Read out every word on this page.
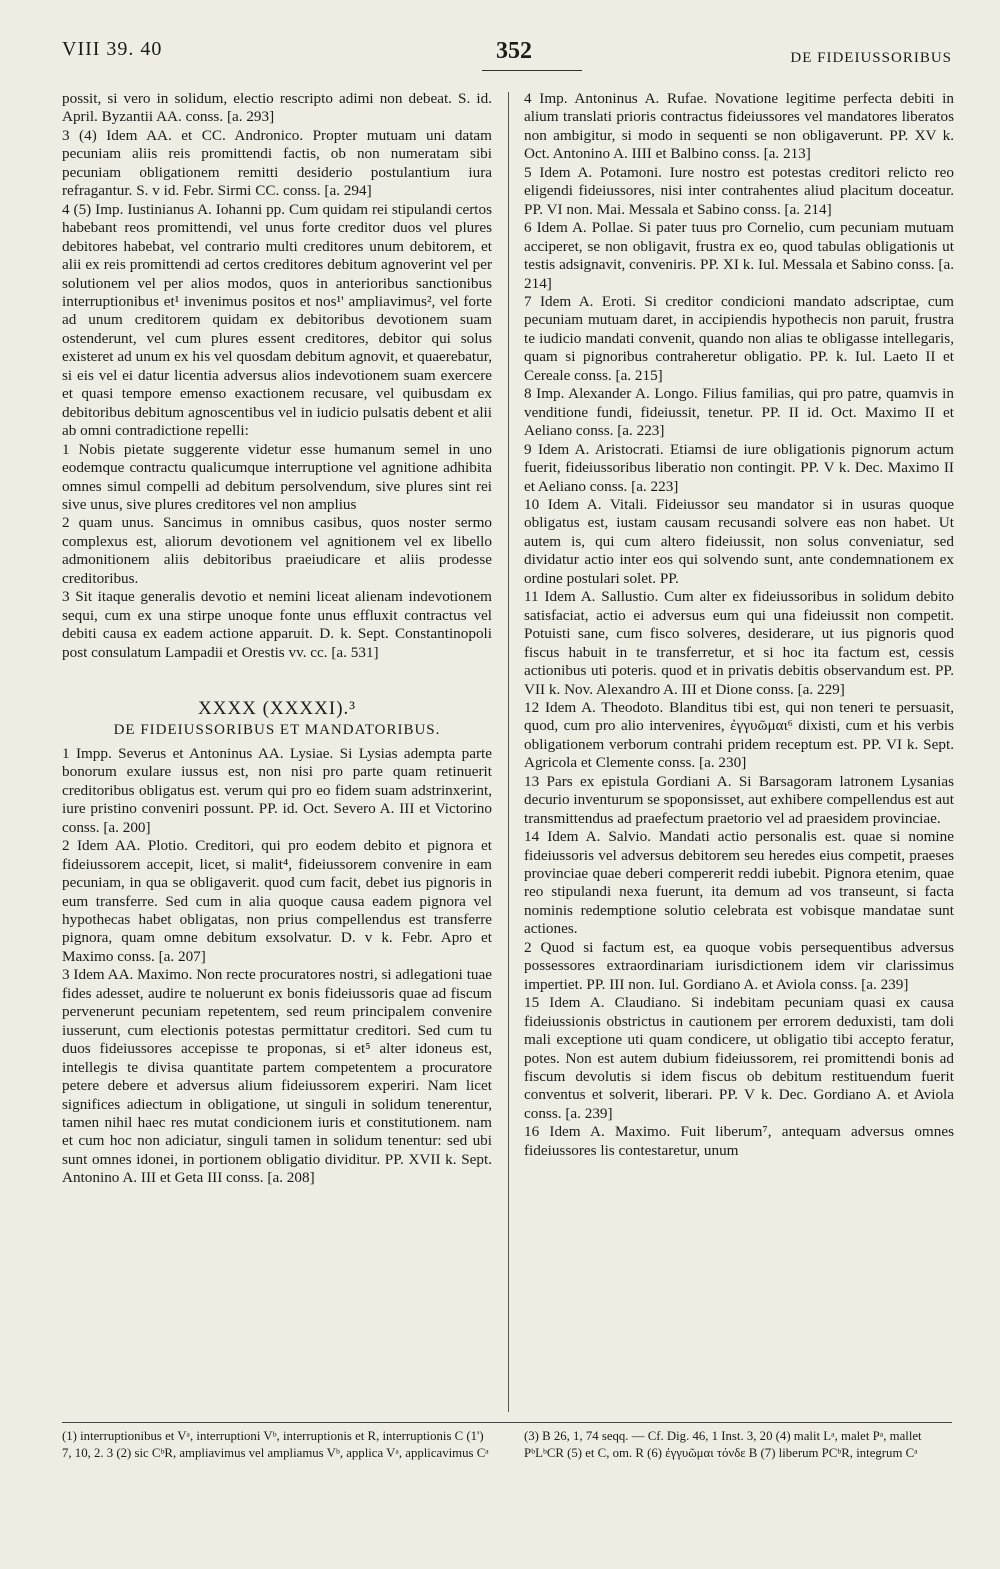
VIII 39. 40	352	DE FIDEIUSSORIBUS

possit, si vero in solidum, electio rescripto adimi non debeat. S. id. April. Byzantii AA. conss. [a. 293]

3 (4) Idem AA. et CC. Andronico. Propter mutuam uni datam pecuniam aliis reis promittendi factis, ob non numeratam sibi pecuniam obligationem remitti desiderio postulantium iura refragantur. S. v id. Febr. Sirmi CC. conss. [a. 294]

4 (5) Imp. Iustinianus A. Iohanni pp. Cum quidam rei stipulandi certos habebant reos promittendi, vel unus forte creditor duos vel plures debitores habebat, vel contrario multi creditores unum debitorem, et alii ex reis promittendi ad certos creditores debitum agnoverint vel per solutionem vel per alios modos, quos in anterioribus sanctionibus interruptionibus et¹ invenimus positos et nos¹' ampliavimus², vel forte ad unum creditorem quidam ex debitoribus devotionem suam ostenderunt, vel cum plures essent creditores, debitor qui solus existeret ad unum ex his vel quosdam debitum agnovit, et quaerebatur, si eis vel ei datur licentia adversus alios indevotionem suam exercere et quasi tempore emenso exactionem recusare, vel quibusdam ex debitoribus debitum agnoscentibus vel in iudicio pulsatis debent et alii ab omni contradictione repelli:

1 Nobis pietate suggerente videtur esse humanum semel in uno eodemque contractu qualicumque interruptione vel agnitione adhibita omnes simul compelli ad debitum persolvendum, sive plures sint rei sive unus, sive plures creditores vel non amplius

2 quam unus. Sancimus in omnibus casibus, quos noster sermo complexus est, aliorum devotionem vel agnitionem vel ex libello admonitionem aliis debitoribus praeiudicare et aliis prodesse creditoribus.

3 Sit itaque generalis devotio et nemini liceat alienam indevotionem sequi, cum ex una stirpe unoque fonte unus effluxit contractus vel debiti causa ex eadem actione apparuit. D. k. Sept. Constantinopoli post consulatum Lampadii et Orestis vv. cc. [a. 531]

XXXX (XXXXI).³
DE FIDEIUSSORIBUS ET MANDATORIBUS.

1 Impp. Severus et Antoninus AA. Lysiae. Si Lysias adempta parte bonorum exulare iussus est, non nisi pro parte quam retinuerit creditoribus obligatus est. verum qui pro eo fidem suam adstrinxerint, iure pristino conveniri possunt. PP. id. Oct. Severo A. III et Victorino conss. [a. 200]

2 Idem AA. Plotio. Creditori, qui pro eodem debito et pignora et fideiussorem accepit, licet, si malit⁴, fideiussorem convenire in eam pecuniam, in qua se obligaverit. quod cum facit, debet ius pignoris in eum transferre. Sed cum in alia quoque causa eadem pignora vel hypothecas habet obligatas, non prius compellendus est transferre pignora, quam omne debitum exsolvatur. D. v k. Febr. Apro et Maximo conss. [a. 207]

3 Idem AA. Maximo. Non recte procuratores nostri, si adlegationi tuae fides adesset, audire te noluerunt ex bonis fideiussoris quae ad fiscum pervenerunt pecuniam repetentem, sed reum principalem convenire iusserunt, cum electionis potestas permittatur creditori. Sed cum tu duos fideiussores accepisse te proponas, si et⁵ alter idoneus est, intellegis te divisa quantitate partem competentem a procuratore petere debere et adversus alium fideiussorem experiri. Nam licet significes adiectum in obligatione, ut singuli in solidum tenerentur, tamen nihil haec res mutat condicionem iuris et constitutionem. nam et cum hoc non adiciatur, singuli tamen in solidum tenentur: sed ubi sunt omnes idonei, in portionem obligatio dividitur. PP. XVII k. Sept. Antonino A. III et Geta III conss. [a. 208]

4 Imp. Antoninus A. Rufae. Novatione legitime perfecta debiti in alium translati prioris contractus fideiussores vel mandatores liberatos non ambigitur, si modo in sequenti se non obligaverunt. PP. XV k. Oct. Antonino A. IIII et Balbino conss. [a. 213]

5 Idem A. Potamoni. Iure nostro est potestas creditori relicto reo eligendi fideiussores, nisi inter contrahentes aliud placitum doceatur. PP. VI non. Mai. Messala et Sabino conss. [a. 214]

6 Idem A. Pollae. Si pater tuus pro Cornelio, cum pecuniam mutuam acciperet, se non obligavit, frustra ex eo, quod tabulas obligationis ut testis adsignavit, conveniris. PP. XI k. Iul. Messala et Sabino conss. [a. 214]

7 Idem A. Eroti. Si creditor condicioni mandato adscriptae, cum pecuniam mutuam daret, in accipiendis hypothecis non paruit, frustra te iudicio mandati convenit, quando non alias te obligasse intellegaris, quam si pignoribus contraheretur obligatio. PP. k. Iul. Laeto II et Cereale conss. [a. 215]

8 Imp. Alexander A. Longo. Filius familias, qui pro patre, quamvis in venditione fundi, fideiussit, tenetur. PP. II id. Oct. Maximo II et Aeliano conss. [a. 223]

9 Idem A. Aristocrati. Etiamsi de iure obligationis pignorum actum fuerit, fideiussoribus liberatio non contingit. PP. V k. Dec. Maximo II et Aeliano conss. [a. 223]

10 Idem A. Vitali. Fideiussor seu mandator si in usuras quoque obligatus est, iustam causam recusandi solvere eas non habet. Ut autem is, qui cum altero fideiussit, non solus conveniatur, sed dividatur actio inter eos qui solvendo sunt, ante condemnationem ex ordine postulari solet. PP.

11 Idem A. Sallustio. Cum alter ex fideiussoribus in solidum debito satisfaciat, actio ei adversus eum qui una fideiussit non competit. Potuisti sane, cum fisco solveres, desiderare, ut ius pignoris quod fiscus habuit in te transferretur, et si hoc ita factum est, cessis actionibus uti poteris. quod et in privatis debitis observandum est. PP. VII k. Nov. Alexandro A. III et Dione conss. [a. 229]

12 Idem A. Theodoto. Blanditus tibi est, qui non teneri te persuasit, quod, cum pro alio intervenires, ἐγγυῶμαι⁶ dixisti, cum et his verbis obligationem verborum contrahi pridem receptum est. PP. VI k. Sept. Agricola et Clemente conss. [a. 230]

13 Pars ex epistula Gordiani A. Si Barsagoram latronem Lysanias decurio inventurum se spoponsisset, aut exhibere compellendus est aut transmittendus ad praefectum praetorio vel ad praesidem provinciae.

14 Idem A. Salvio. Mandati actio personalis est. quae si nomine fideiussoris vel adversus debitorem seu heredes eius competit, praeses provinciae quae deberi compererit reddi iubebit. Pignora etenim, quae reo stipulandi nexa fuerunt, ita demum ad vos transeunt, si facta nominis redemptione solutio celebrata est vobisque mandatae sunt actiones.

2 Quod si factum est, ea quoque vobis persequentibus adversus possessores extraordinariam iurisdictionem idem vir clarissimus impertiet. PP. III non. Iul. Gordiano A. et Aviola conss. [a. 239]

15 Idem A. Claudiano. Si indebitam pecuniam quasi ex causa fideiussionis obstrictus in cautionem per errorem deduxisti, tam doli mali exceptione uti quam condicere, ut obligatio tibi accepto feratur, potes. Non est autem dubium fideiussorem, rei promittendi bonis ad fiscum devolutis si idem fiscus ob debitum restituendum fuerit conventus et solverit, liberari. PP. V k. Dec. Gordiano A. et Aviola conss. [a. 239]

16 Idem A. Maximo. Fuit liberum⁷, antequam adversus omnes fideiussores lis contestaretur, unum

(1) interruptionibus et Vᵃ, interruptioni Vᵇ, interruptionis et R, interruptionis C (1') 7, 10, 2. 3 (2) sic CᵇR, ampliavimus vel ampliamus Vᵇ, applica Vᵃ, applicavimus Cᵃ

(3) B 26, 1, 74 seqq. — Cf. Dig. 46, 1 Inst. 3, 20 (4) malit Lᵃ, malet Pᵃ, mallet PᵇLᵇCR (5) et C, om. R (6) ἐγγυῶμαι τόνδε B (7) liberum PCᵇR, integrum Cᵃ
